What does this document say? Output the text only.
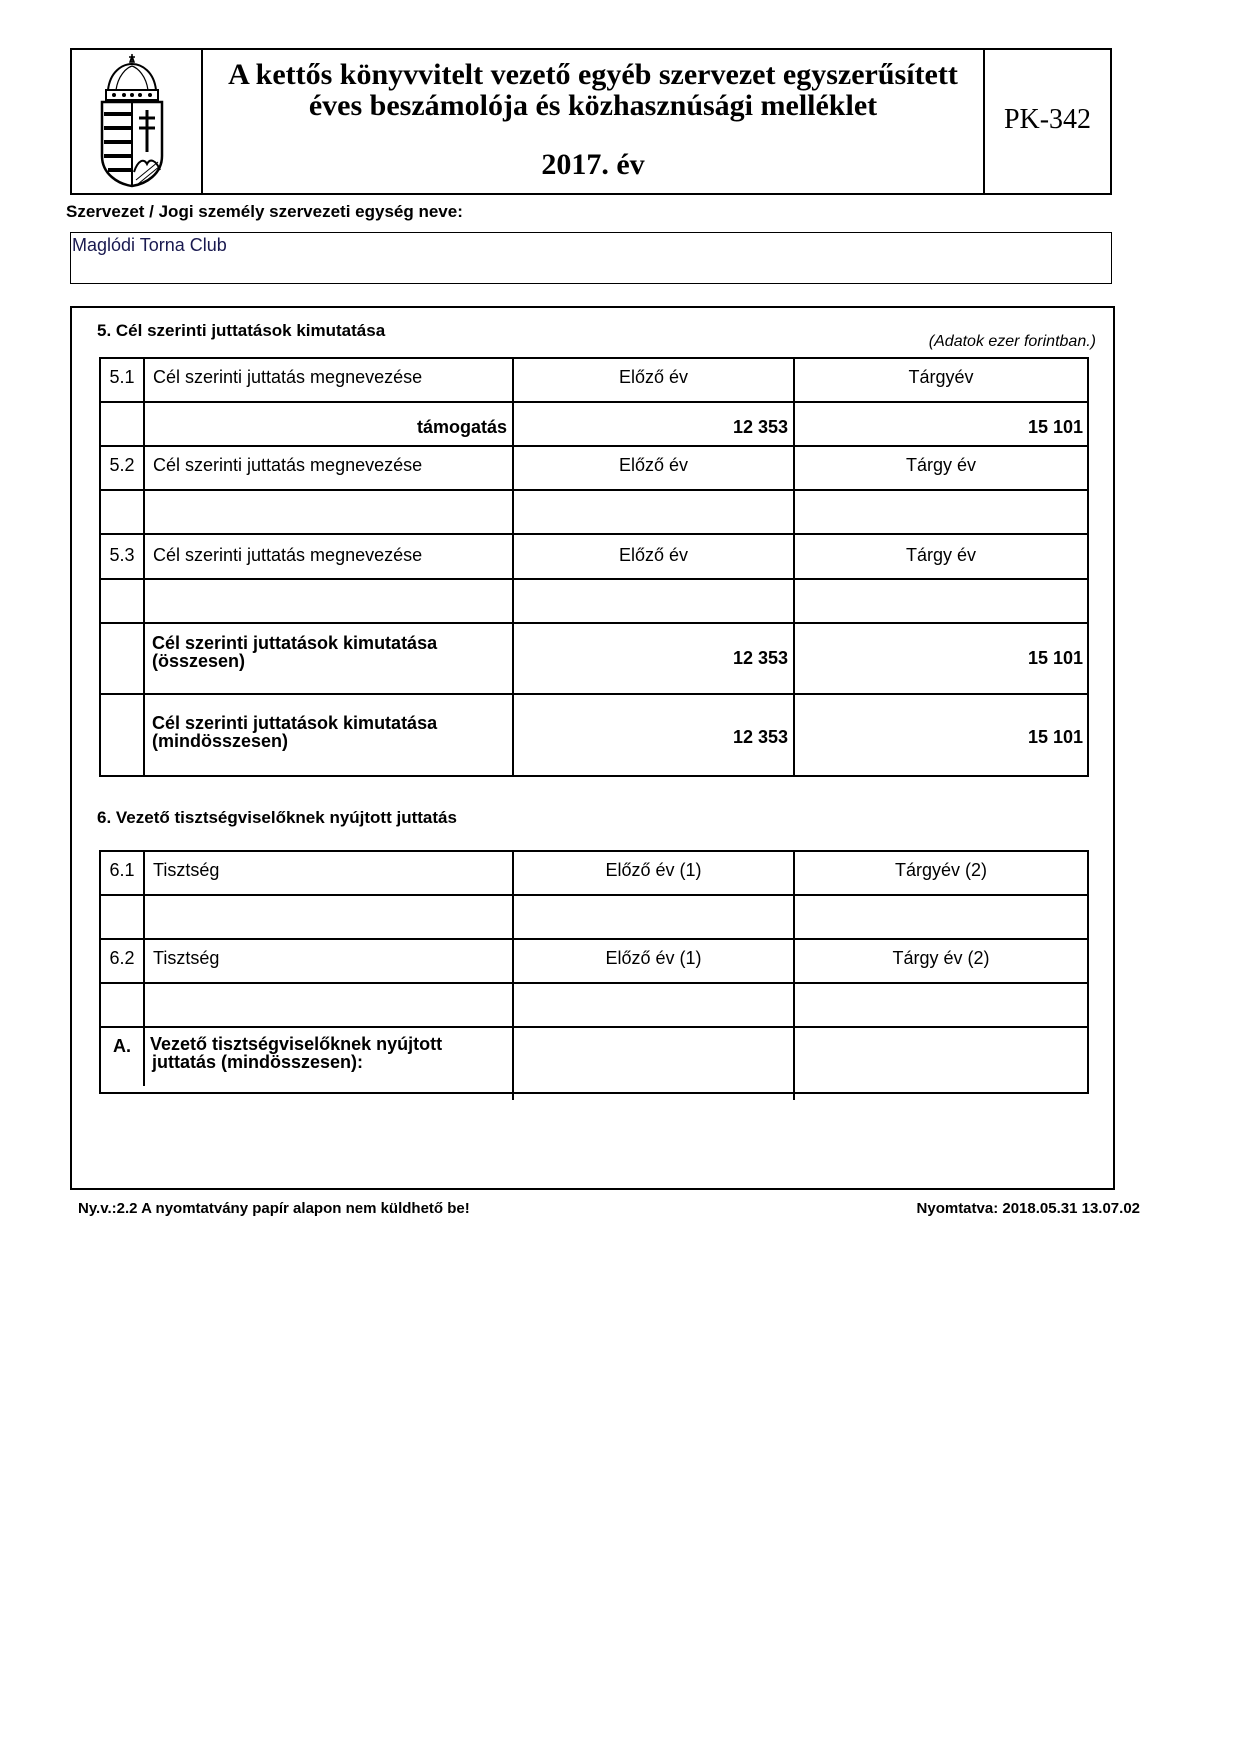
A kettős könyvvitelt vezető egyéb szervezet egyszerűsített
éves beszámolója és közhasznúsági melléklet
2017. év
PK-342
Szervezet / Jogi személy szervezeti egység neve:
Maglódi Torna Club
5. Cél szerinti juttatások kimutatása
(Adatok ezer forintban.)
5.1	Cél szerinti juttatás megnevezése	Előző év	Tárgyév
támogatás	12 353	15 101
5.2	Cél szerinti juttatás megnevezése	Előző év	Tárgy év
5.3	Cél szerinti juttatás megnevezése	Előző év	Tárgy év
Cél szerinti juttatások kimutatása
(összesen)	12 353	15 101
Cél szerinti juttatások kimutatása
(mindösszesen)	12 353	15 101
6. Vezető tisztségviselőknek nyújtott juttatás
6.1	Tisztség	Előző év (1)	Tárgyév (2)
6.2	Tisztség	Előző év (1)	Tárgy év (2)
A.	Vezető tisztségviselőknek nyújtott
juttatás (mindösszesen):
Ny.v.:2.2 A nyomtatvány papír alapon nem küldhető be!	Nyomtatva: 2018.05.31 13.07.02
